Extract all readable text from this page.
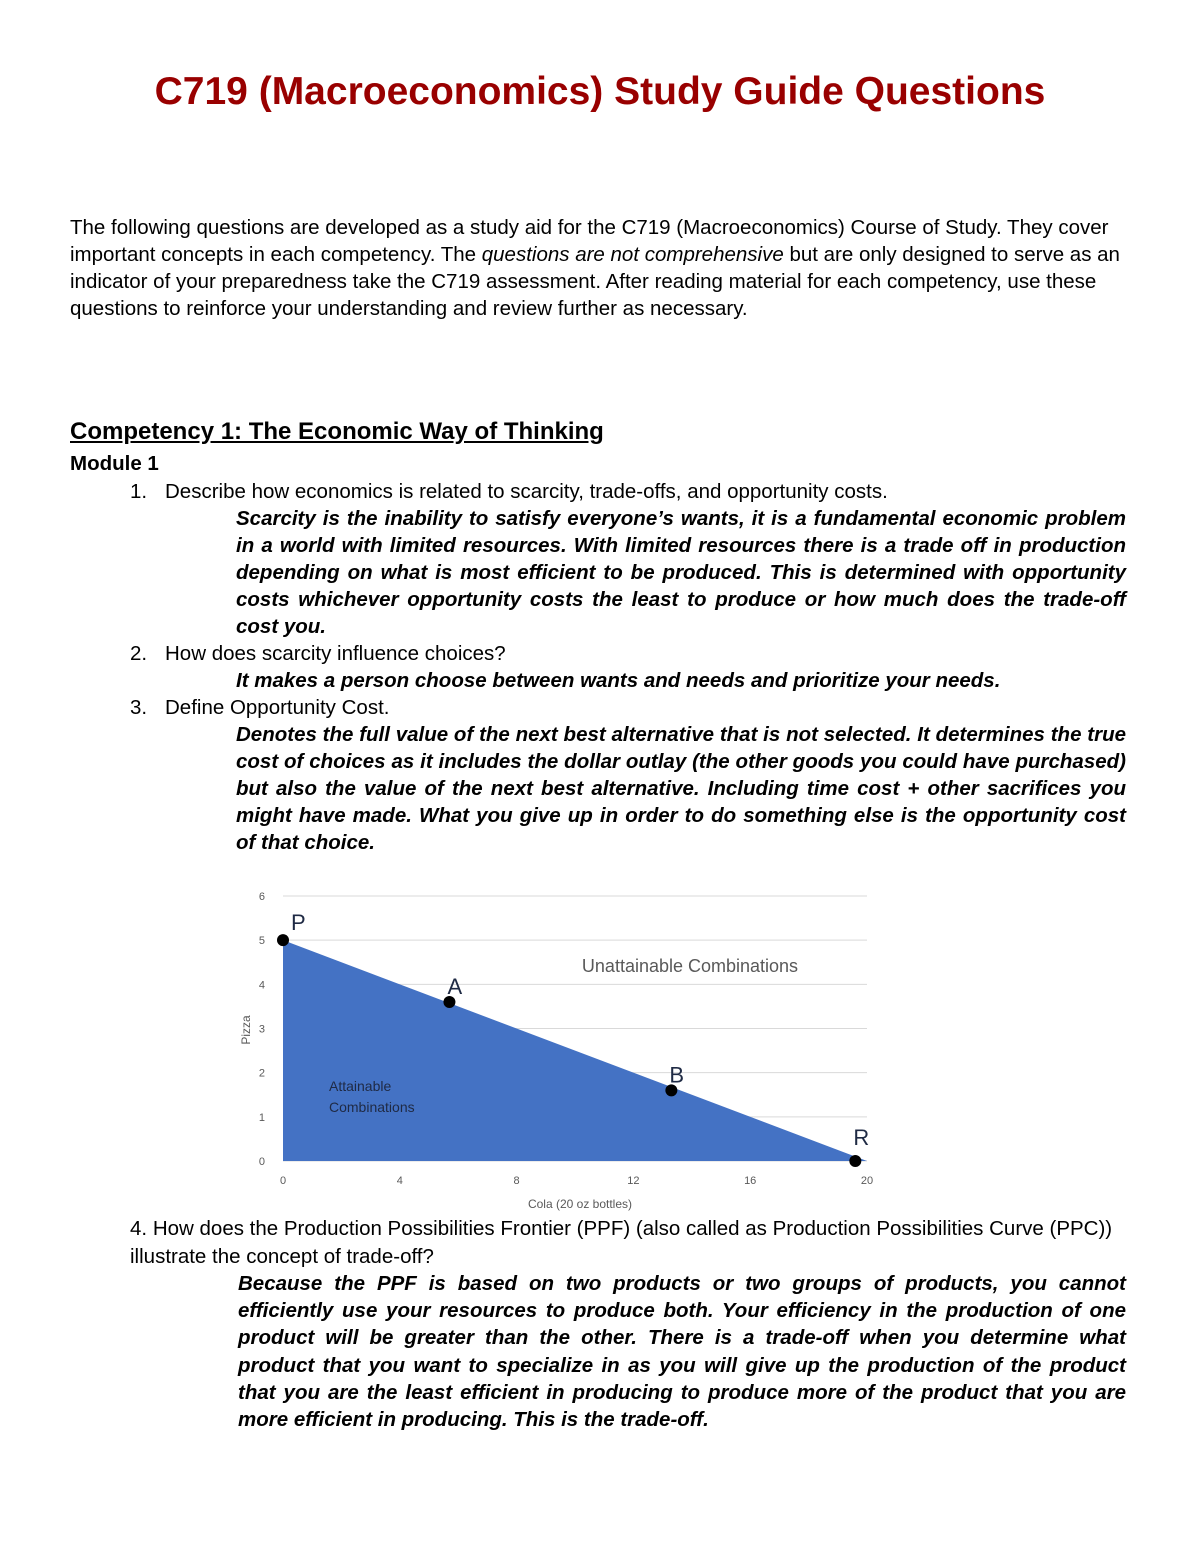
C719 (Macroeconomics) Study Guide Questions

The following questions are developed as a study aid for the C719 (Macroeconomics) Course of Study. They cover important concepts in each competency. The questions are not comprehensive but are only designed to serve as an indicator of your preparedness take the C719 assessment. After reading material for each competency, use these questions to reinforce your understanding and review further as necessary.

Competency 1: The Economic Way of Thinking
Module 1
1. Describe how economics is related to scarcity, trade-offs, and opportunity costs.

Scarcity is the inability to satisfy everyone’s wants, it is a fundamental economic problem in a world with limited resources. With limited resources there is a trade off in production depending on what is most efficient to be produced. This is determined with opportunity costs whichever opportunity costs the least to produce or how much does the trade-off cost you.

2. How does scarcity influence choices?

It makes a person choose between wants and needs and prioritize your needs.

3. Define Opportunity Cost.

Denotes the full value of the next best alternative that is not selected. It determines the true cost of choices as it includes the dollar outlay (the other goods you could have purchased) but also the value of the next best alternative. Including time cost + other sacrifices you might have made. What you give up in order to do something else is the opportunity cost of that choice.

0
1
2
3
4
5
6
0	4	8	12	16	20
Cola (20 oz bottles)
Pizza
Unattainable Combinations
Attainable
Combinations
P
A
B
R

4. How does the Production Possibilities Frontier (PPF) (also called as Production Possibilities Curve (PPC)) illustrate the concept of trade-off?

Because the PPF is based on two products or two groups of products, you cannot efficiently use your resources to produce both. Your efficiency in the production of one product will be greater than the other. There is a trade-off when you determine what product that you want to specialize in as you will give up the production of the product that you are the least efficient in producing to produce more of the product that you are more efficient in producing. This is the trade-off.
